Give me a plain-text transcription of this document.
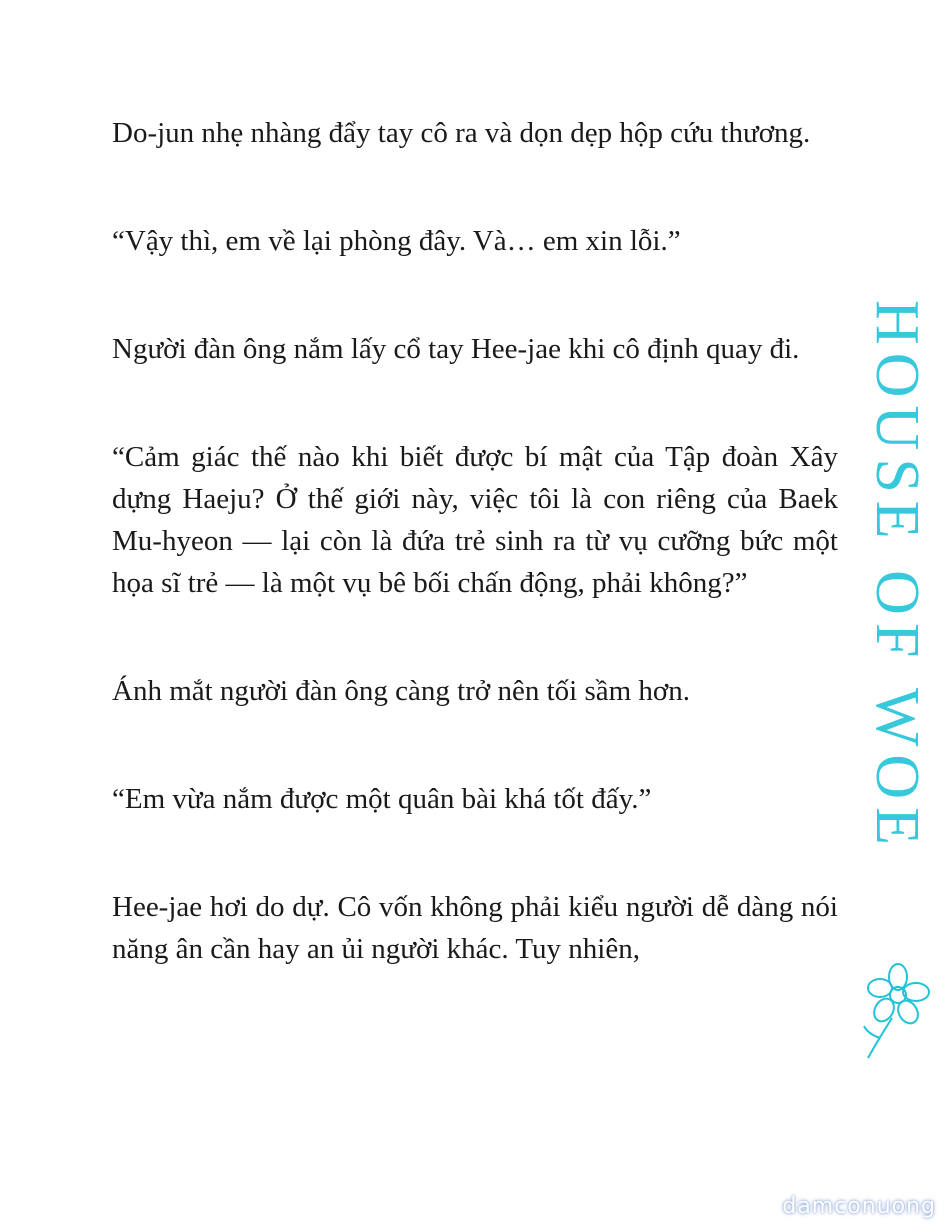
HOUSE OF WOE

Do-jun nhẹ nhàng đẩy tay cô ra và dọn dẹp hộp cứu thương.

“Vậy thì, em về lại phòng đây. Và… em xin lỗi.”

Người đàn ông nắm lấy cổ tay Hee-jae khi cô định quay đi.

“Cảm giác thế nào khi biết được bí mật của Tập đoàn Xây dựng Haeju? Ở thế giới này, việc tôi là con riêng của Baek Mu-hyeon — lại còn là đứa trẻ sinh ra từ vụ cưỡng bức một họa sĩ trẻ — là một vụ bê bối chấn động, phải không?”

Ánh mắt người đàn ông càng trở nên tối sầm hơn.

“Em vừa nắm được một quân bài khá tốt đấy.”

Hee-jae hơi do dự. Cô vốn không phải kiểu người dễ dàng nói năng ân cần hay an ủi người khác. Tuy nhiên,

damconuong
